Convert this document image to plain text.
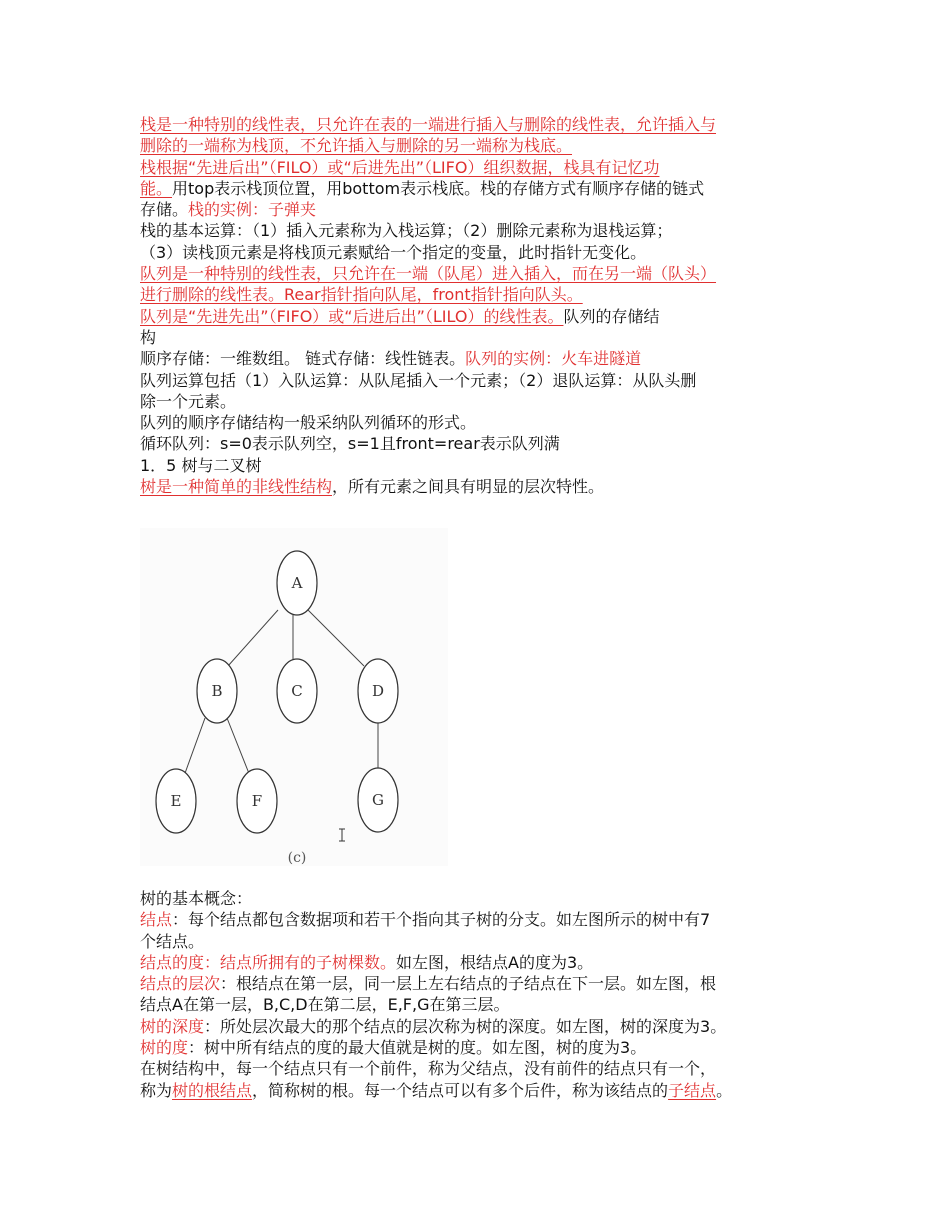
栈是一种特别的线性表，只允许在表的一端进行插入与删除的线性表，允许插入与
删除的一端称为栈顶，不允许插入与删除的另一端称为栈底。
栈根据“先进后出”（FILO）或“后进先出”（LIFO）组织数据，栈具有记忆功
能。用top表示栈顶位置，用bottom表示栈底。栈的存储方式有顺序存储的链式
存储。栈的实例：子弹夹
栈的基本运算：（1）插入元素称为入栈运算；（2）删除元素称为退栈运算；
（3）读栈顶元素是将栈顶元素赋给一个指定的变量，此时指针无变化。
队列是一种特别的线性表，只允许在一端（队尾）进入插入，而在另一端（队头）
进行删除的线性表。Rear指针指向队尾，front指针指向队头。
队列是“先进先出”（FIFO）或“后进后出”（LILO）的线性表。队列的存储结
构
顺序存储：一维数组。 链式存储：线性链表。队列的实例：火车进隧道
队列运算包括（1）入队运算：从队尾插入一个元素；（2）退队运算：从队头删
除一个元素。
队列的顺序存储结构一般采纳队列循环的形式。
循环队列：s=0表示队列空，s=1且front=rear表示队列满
1．5 树与二叉树
树是一种简单的非线性结构，所有元素之间具有明显的层次特性。
A
B	C	D
E	F	G
(c)
树的基本概念：
结点：每个结点都包含数据项和若干个指向其子树的分支。如左图所示的树中有7
个结点。
结点的度：结点所拥有的子树棵数。如左图，根结点A的度为3。
结点的层次：根结点在第一层，同一层上左右结点的子结点在下一层。如左图，根
结点A在第一层，B,C,D在第二层，E,F,G在第三层。
树的深度：所处层次最大的那个结点的层次称为树的深度。如左图，树的深度为3。
树的度：树中所有结点的度的最大值就是树的度。如左图，树的度为3。
在树结构中，每一个结点只有一个前件，称为父结点，没有前件的结点只有一个，
称为树的根结点，简称树的根。每一个结点可以有多个后件，称为该结点的子结点。
